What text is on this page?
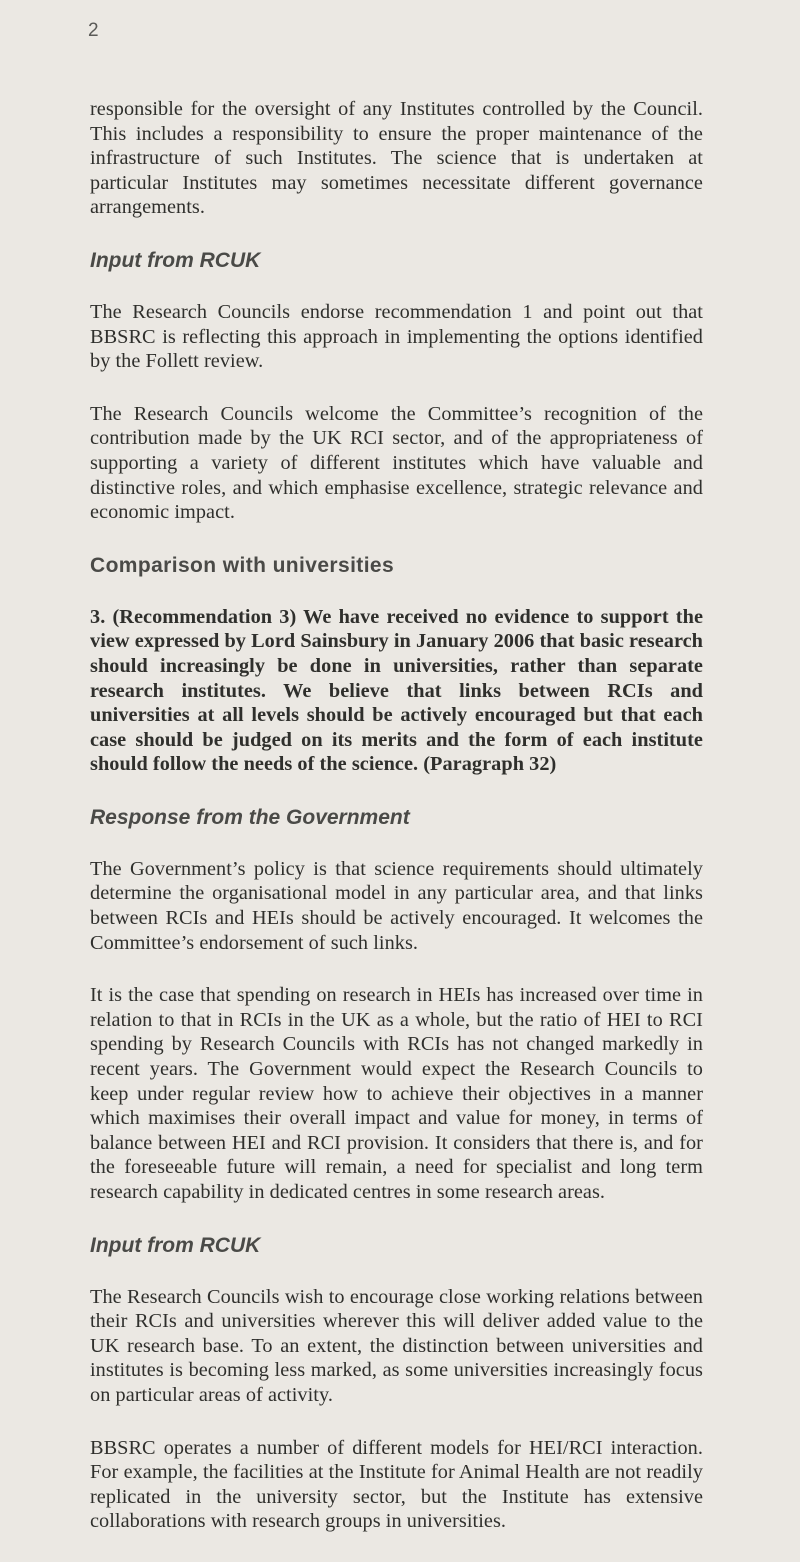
2

responsible for the oversight of any Institutes controlled by the Council. This includes a responsibility to ensure the proper maintenance of the infrastructure of such Institutes. The science that is undertaken at particular Institutes may sometimes necessitate different governance arrangements.

Input from RCUK

The Research Councils endorse recommendation 1 and point out that BBSRC is reflecting this approach in implementing the options identified by the Follett review.

The Research Councils welcome the Committee’s recognition of the contribution made by the UK RCI sector, and of the appropriateness of supporting a variety of different institutes which have valuable and distinctive roles, and which emphasise excellence, strategic relevance and economic impact.

Comparison with universities

3. (Recommendation 3) We have received no evidence to support the view expressed by Lord Sainsbury in January 2006 that basic research should increasingly be done in universities, rather than separate research institutes. We believe that links between RCIs and universities at all levels should be actively encouraged but that each case should be judged on its merits and the form of each institute should follow the needs of the science. (Paragraph 32)

Response from the Government

The Government’s policy is that science requirements should ultimately determine the organisational model in any particular area, and that links between RCIs and HEIs should be actively encouraged. It welcomes the Committee’s endorsement of such links.

It is the case that spending on research in HEIs has increased over time in relation to that in RCIs in the UK as a whole, but the ratio of HEI to RCI spending by Research Councils with RCIs has not changed markedly in recent years. The Government would expect the Research Councils to keep under regular review how to achieve their objectives in a manner which maximises their overall impact and value for money, in terms of balance between HEI and RCI provision. It considers that there is, and for the foreseeable future will remain, a need for specialist and long term research capability in dedicated centres in some research areas.

Input from RCUK

The Research Councils wish to encourage close working relations between their RCIs and universities wherever this will deliver added value to the UK research base. To an extent, the distinction between universities and institutes is becoming less marked, as some universities increasingly focus on particular areas of activity.

BBSRC operates a number of different models for HEI/RCI interaction. For example, the facilities at the Institute for Animal Health are not readily replicated in the university sector, but the Institute has extensive collaborations with research groups in universities.
